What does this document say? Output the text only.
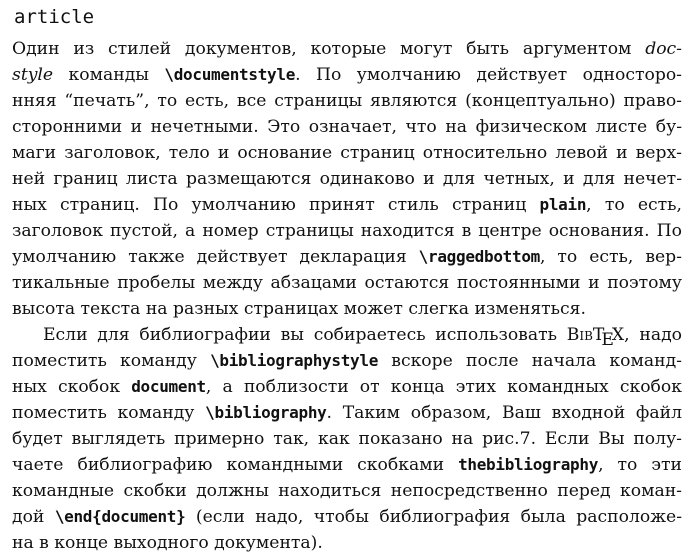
article
Один из стилей документов, которые могут быть аргументом doc-
style команды \documentstyle. По умолчанию действует односторо-
нняя “печать”, то есть, все страницы являются (концептуально) право-
сторонними и нечетными. Это означает, что на физическом листе бу-
маги заголовок, тело и основание страниц относительно левой и верх-
ней границ листа размещаются одинаково и для четных, и для нечет-
ных страниц. По умолчанию принят стиль страниц plain, то есть,
заголовок пустой, а номер страницы находится в центре основания. По
умолчанию также действует декларация \raggedbottom, то есть, вер-
тикальные пробелы между абзацами остаются постоянными и поэтому
высота текста на разных страницах может слегка изменяться.
Если для библиографии вы собираетесь использовать BibTEX, надо
поместить команду \bibliographystyle вскоре после начала команд-
ных скобок document, а поблизости от конца этих командных скобок
поместить команду \bibliography. Таким образом, Ваш входной файл
будет выглядеть примерно так, как показано на рис.7. Если Вы полу-
чаете библиографию командными скобками thebibliography, то эти
командные скобки должны находиться непосредственно перед коман-
дой \end{document} (если надо, чтобы библиография была расположе-
на в конце выходного документа).
